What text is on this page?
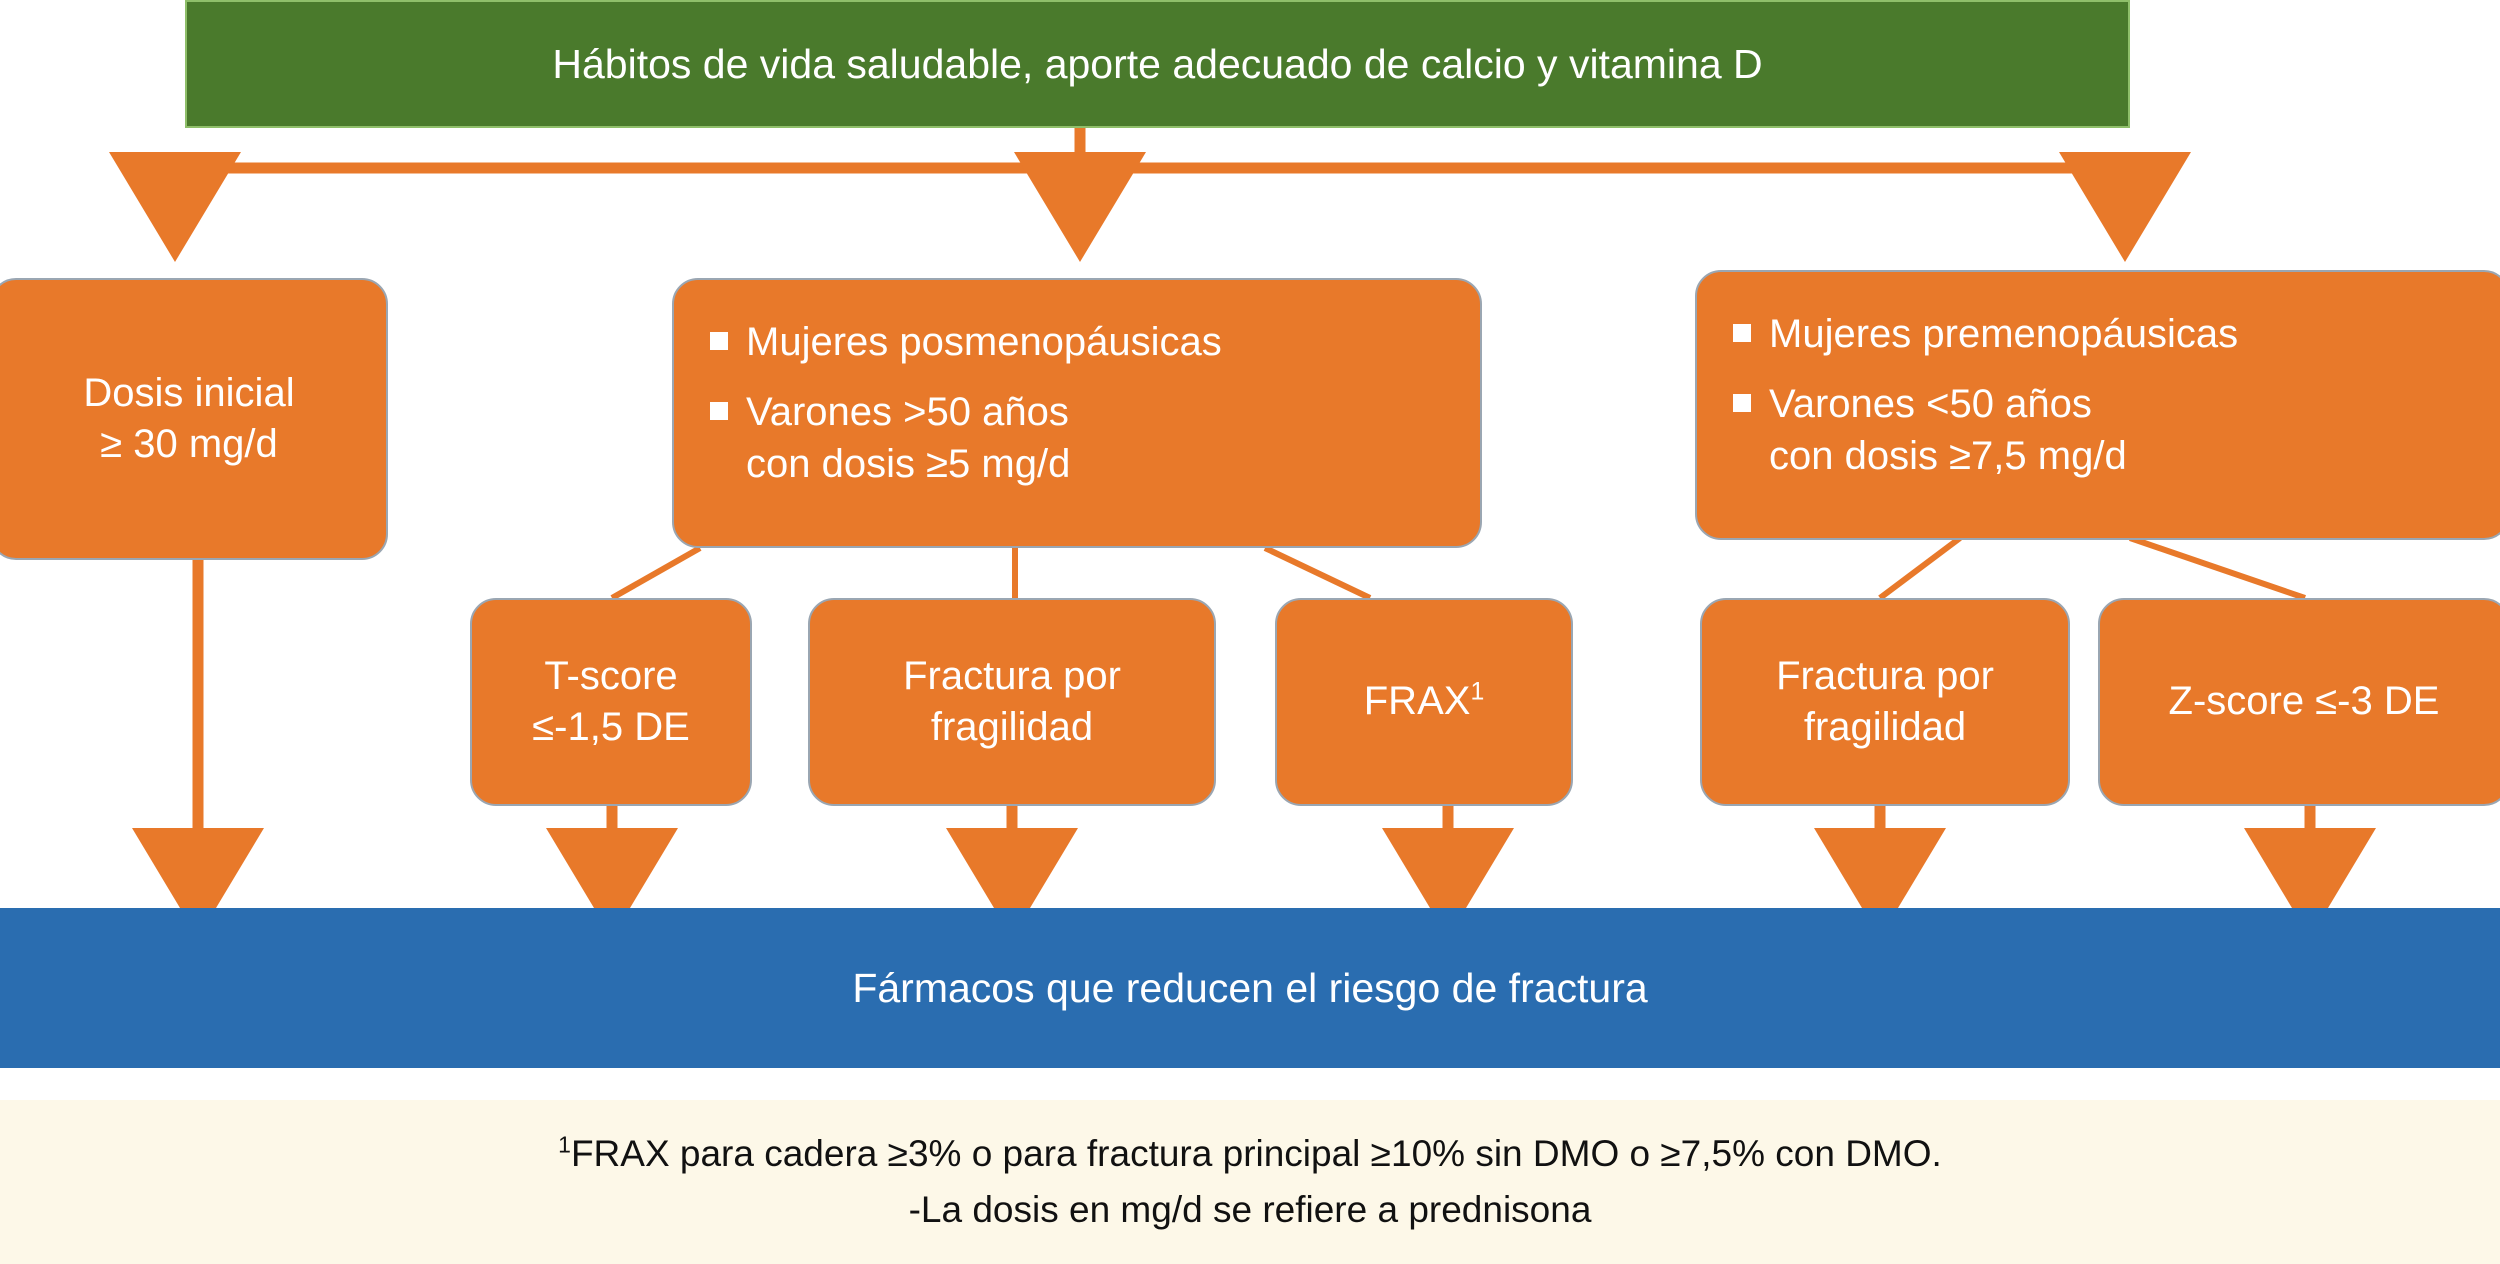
Hábitos de vida saludable, aporte adecuado de calcio y vitamina D
Dosis inicial
≥ 30 mg/d
Mujeres posmenopáusicas
Varones >50 años
con dosis ≥5 mg/d
Mujeres premenopáusicas
Varones <50 años
con dosis ≥7,5 mg/d
T-score
≤-1,5 DE
Fractura por
fragilidad
FRAX$^1$	Fractura por
fragilidad
Z-score ≤-3 DE
Fármacos que reducen el riesgo de fractura
$^1$FRAX para cadera ≥3% o para fractura principal ≥10% sin DMO o ≥7,5% con DMO.
-La dosis en mg/d se refiere a prednisona
